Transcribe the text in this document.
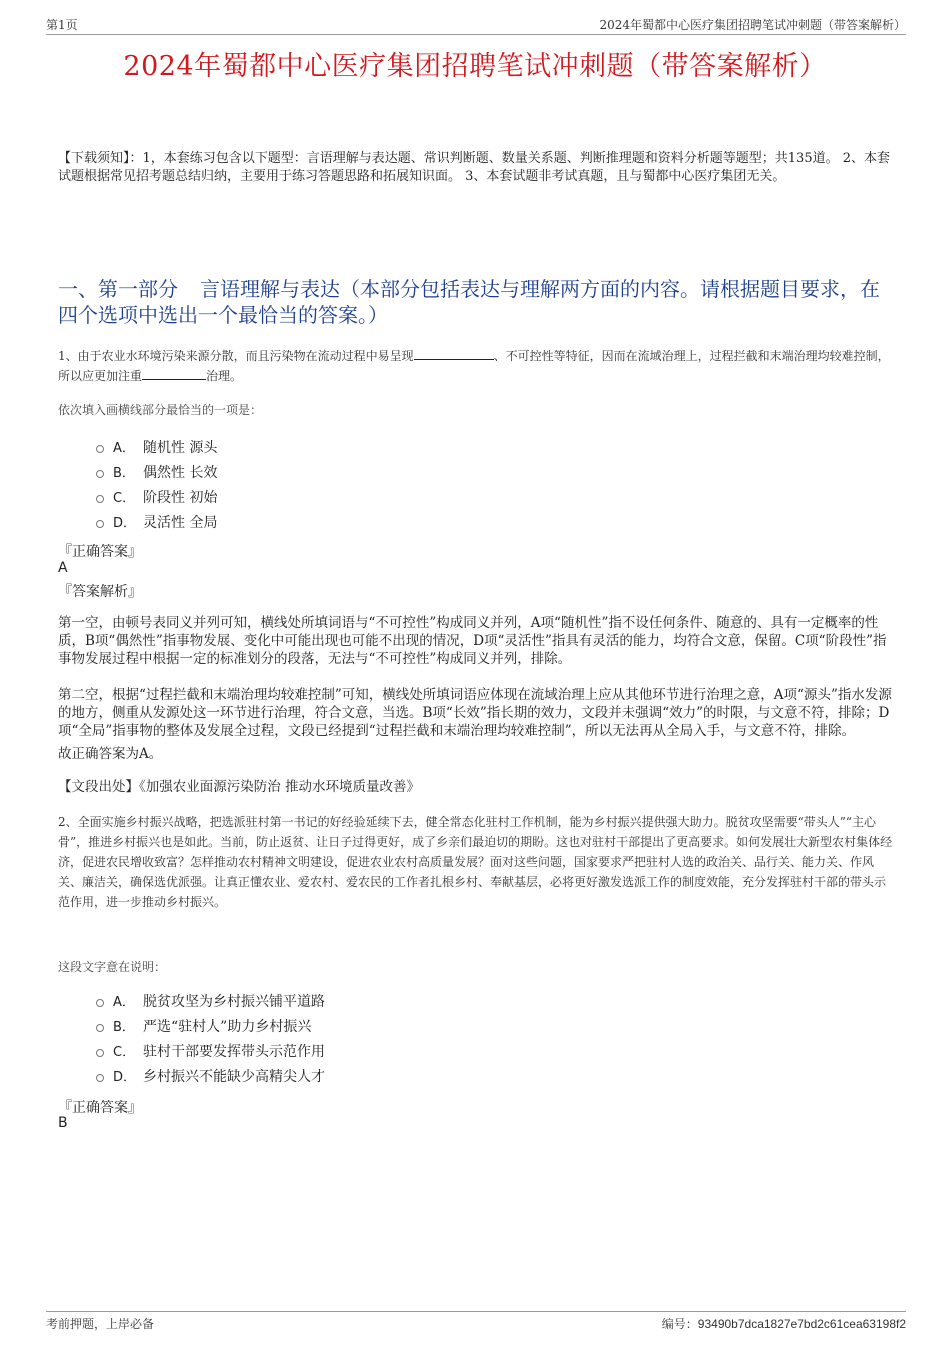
第1页	2024年蜀都中心医疗集团招聘笔试冲刺题（带答案解析）
2024年蜀都中心医疗集团招聘笔试冲刺题（带答案解析）
【下载须知】：1，本套练习包含以下题型：言语理解与表达题、常识判断题、数量关系题、判断推理题和资料分析题等题型；共135道。 2、本套试题根据常见招考题总结归纳，主要用于练习答题思路和拓展知识面。 3、本套试题非考试真题，且与蜀都中心医疗集团无关。
一、第一部分 言语理解与表达（本部分包括表达与理解两方面的内容。请根据题目要求，在四个选项中选出一个最恰当的答案。）
1、由于农业水环境污染来源分散，而且污染物在流动过程中易呈现	、不可控性等特征，因而在流域治理上，过程拦截和末端治理均较难控制，所以应更加注重	治理。
依次填入画横线部分最恰当的一项是：
A． 随机性 源头
B． 偶然性 长效
C． 阶段性 初始
D． 灵活性 全局
『正确答案』
A
『答案解析』
第一空，由顿号表同义并列可知，横线处所填词语与“不可控性”构成同义并列，A项“随机性”指不设任何条件、随意的、具有一定概率的性质，B项“偶然性”指事物发展、变化中可能出现也可能不出现的情况，D项“灵活性”指具有灵活的能力，均符合文意，保留。C项“阶段性”指事物发展过程中根据一定的标准划分的段落，无法与“不可控性”构成同义并列，排除。
第二空，根据“过程拦截和末端治理均较难控制”可知，横线处所填词语应体现在流域治理上应从其他环节进行治理之意，A项“源头”指水发源的地方，侧重从发源处这一环节进行治理，符合文意，当选。B项“长效”指长期的效力，文段并未强调“效力”的时限，与文意不符，排除；D项“全局”指事物的整体及发展全过程，文段已经提到“过程拦截和末端治理均较难控制”，所以无法再从全局入手，与文意不符，排除。
故正确答案为A。
【文段出处】《加强农业面源污染防治 推动水环境质量改善》
2、全面实施乡村振兴战略，把选派驻村第一书记的好经验延续下去，健全常态化驻村工作机制，能为乡村振兴提供强大助力。脱贫攻坚需要“带头人”“主心骨”，推进乡村振兴也是如此。当前，防止返贫、让日子过得更好，成了乡亲们最迫切的期盼。这也对驻村干部提出了更高要求。如何发展壮大新型农村集体经济，促进农民增收致富？怎样推动农村精神文明建设，促进农业农村高质量发展？面对这些问题，国家要求严把驻村人选的政治关、品行关、能力关、作风关、廉洁关，确保选优派强。让真正懂农业、爱农村、爱农民的工作者扎根乡村、奉献基层，必将更好激发选派工作的制度效能，充分发挥驻村干部的带头示范作用，进一步推动乡村振兴。
这段文字意在说明：
A． 脱贫攻坚为乡村振兴铺平道路
B． 严选“驻村人”助力乡村振兴
C． 驻村干部要发挥带头示范作用
D． 乡村振兴不能缺少高精尖人才
『正确答案』
B
考前押题，上岸必备	编号：93490b7dca1827e7bd2c61cea63198f2
